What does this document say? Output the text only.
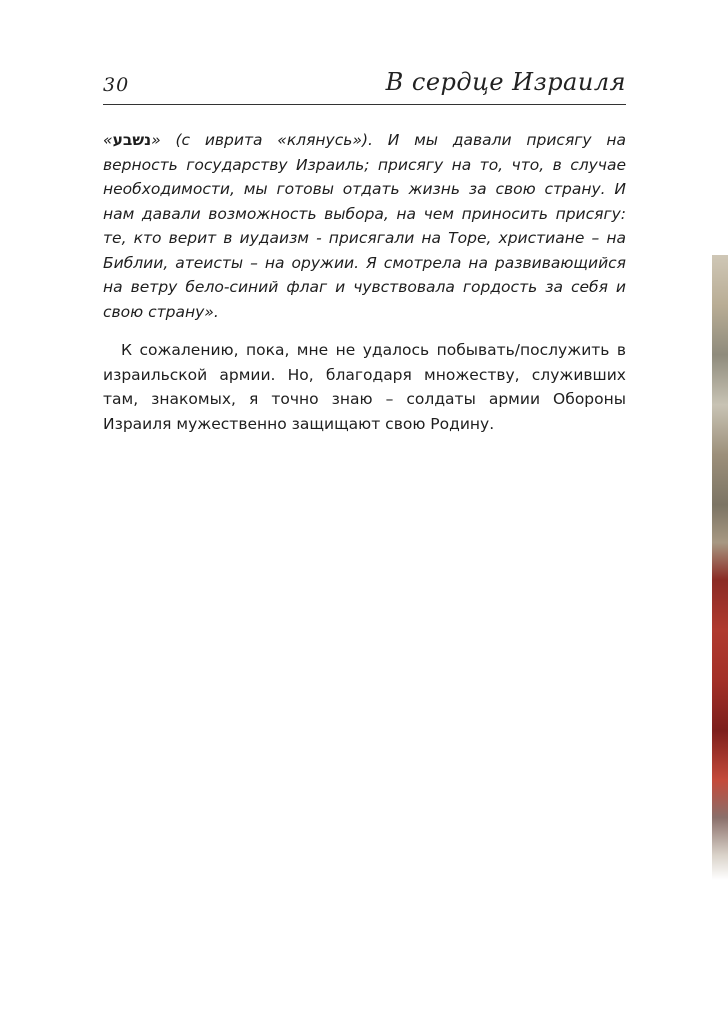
30	В сердце Израиля

«נשבע» (с иврита «клянусь»). И мы давали присягу на верность государству Израиль; присягу на то, что, в случае необходимости, мы готовы отдать жизнь за свою страну. И нам давали возможность выбора, на чем приносить присягу: те, кто верит в иудаизм - присягали на Торе, христиане – на Библии, атеисты – на оружии. Я смотрела на развивающийся на ветру бело-синий флаг и чувствовала гордость за себя и свою страну».

К сожалению, пока, мне не удалось побывать/послужить в израильской армии. Но, благодаря множеству, служивших там, знакомых, я точно знаю – солдаты армии Обороны Израиля мужественно защищают свою Родину.
